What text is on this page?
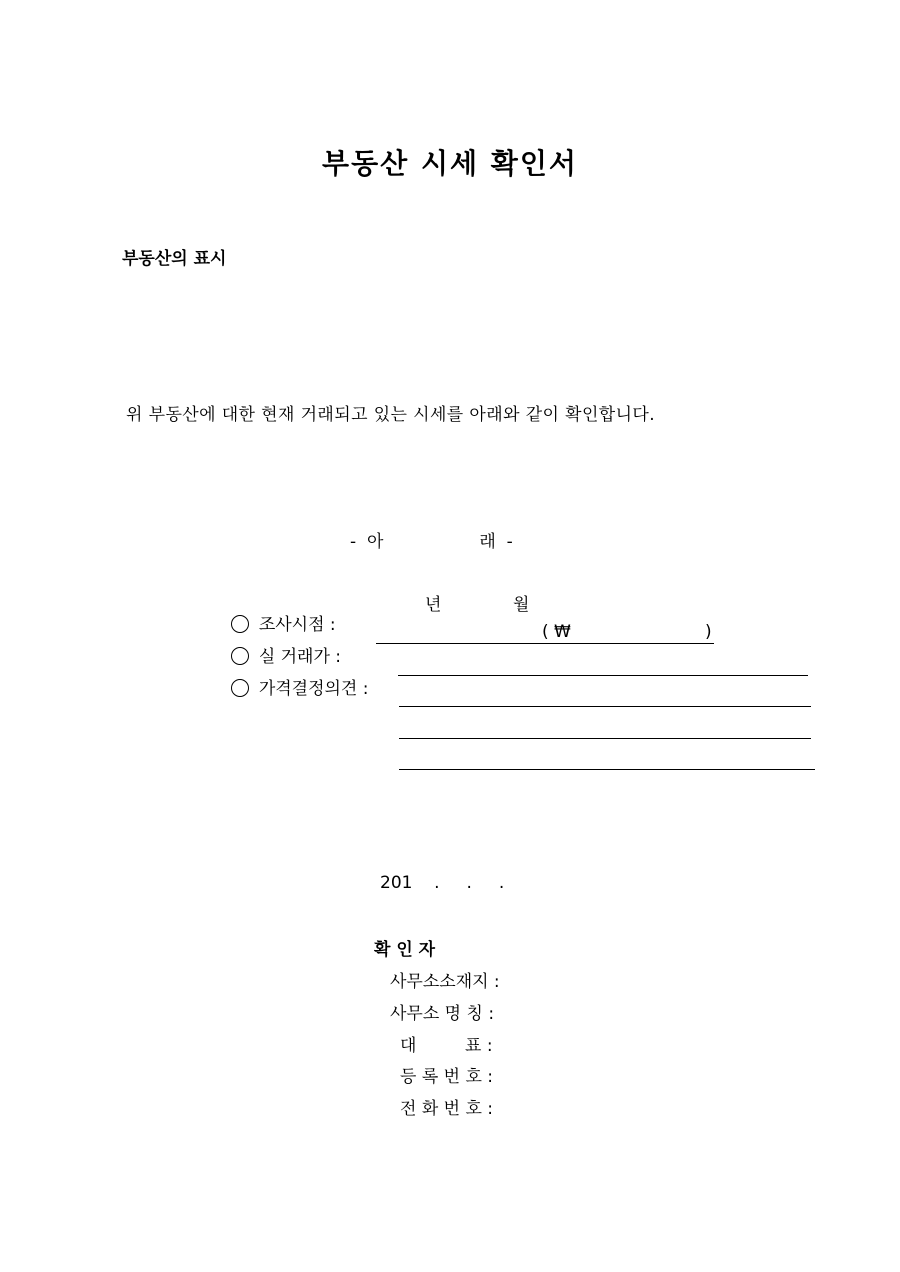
부동산 시세 확인서
부동산의 표시
위 부동산에 대한 현재 거래되고 있는 시세를 아래와 같이 확인합니다.
-  아	래  -

조사시점 :

년	월

실 거래가 :

( ₩	)

가격결정의견 :

201    .     .     .
확 인 자
사무소소재지 :
사무소 명 칭 :
대         표 :
등 록 번 호 :
전 화 번 호 :
